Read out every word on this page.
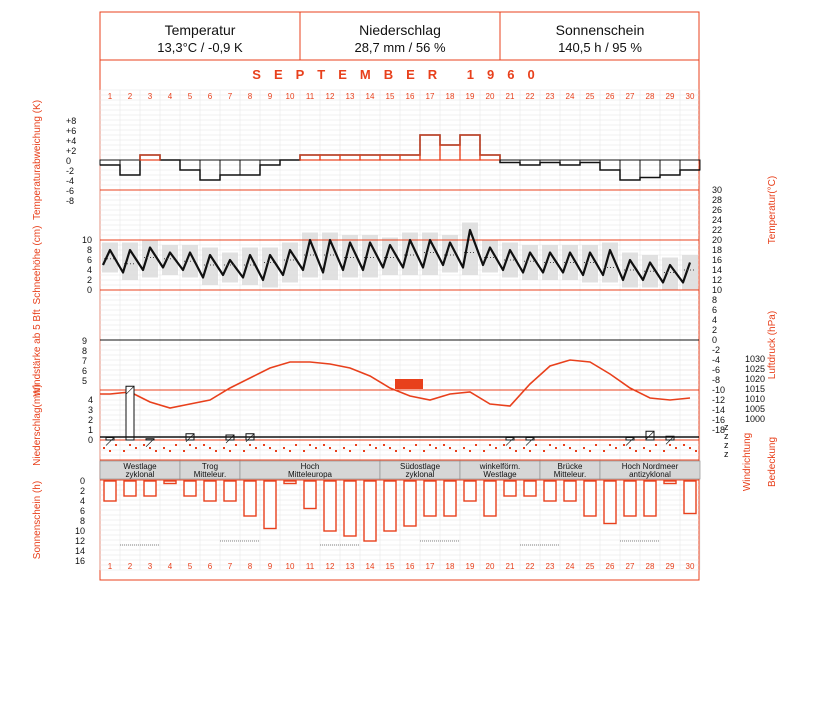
Temperatur
13,3°C / -0,9 K
Niederschlag
28,7 mm / 56 %
Sonnenschein
140,5 h / 95 %
SEPTEMBER 1960
1 2 3 4 5 6 7 8 9 10 11 12 13 14 15 16 17 18 19 20 21 22 23 24 25 26 27 28 29 30
1 2 3 4 5 6 7 8 9 10 11 12 13 14 15 16 17 18 19 20 21 22 23 24 25 26 27 28 29 30
Westlage
zyklonal
Trog
Mitteleur.
Hoch
Mitteleuropa
Südostlage
zyklonal
winkelförm.
Westlage
Brücke
Mitteleur.
Hoch Nordmeer
antizyklonal
+8
+6
+4
+2
0
-2
-4
-6
-8
10
8
6
4
2
0
30
28
26
24
22
20
18
16
14
12
10
8
6
4
2
0
-2
-4
-6
-8
-10
-12
-14
-16
-18
9
8
7
6
5
1030
1025
1020
1015
1010
1005
1000
4
3
2
1
0
0
2
4
6
8
10
12
14
16
z
z
z
z
Temperaturabweichung (K)
Schneehöhe (cm)
Windstärke ab 5 Bft
Niederschlag(mm)
Sonnenschein (h)
Temperatur(°C)
Luftdruck (hPa)
Windrichtung Bedeckung
